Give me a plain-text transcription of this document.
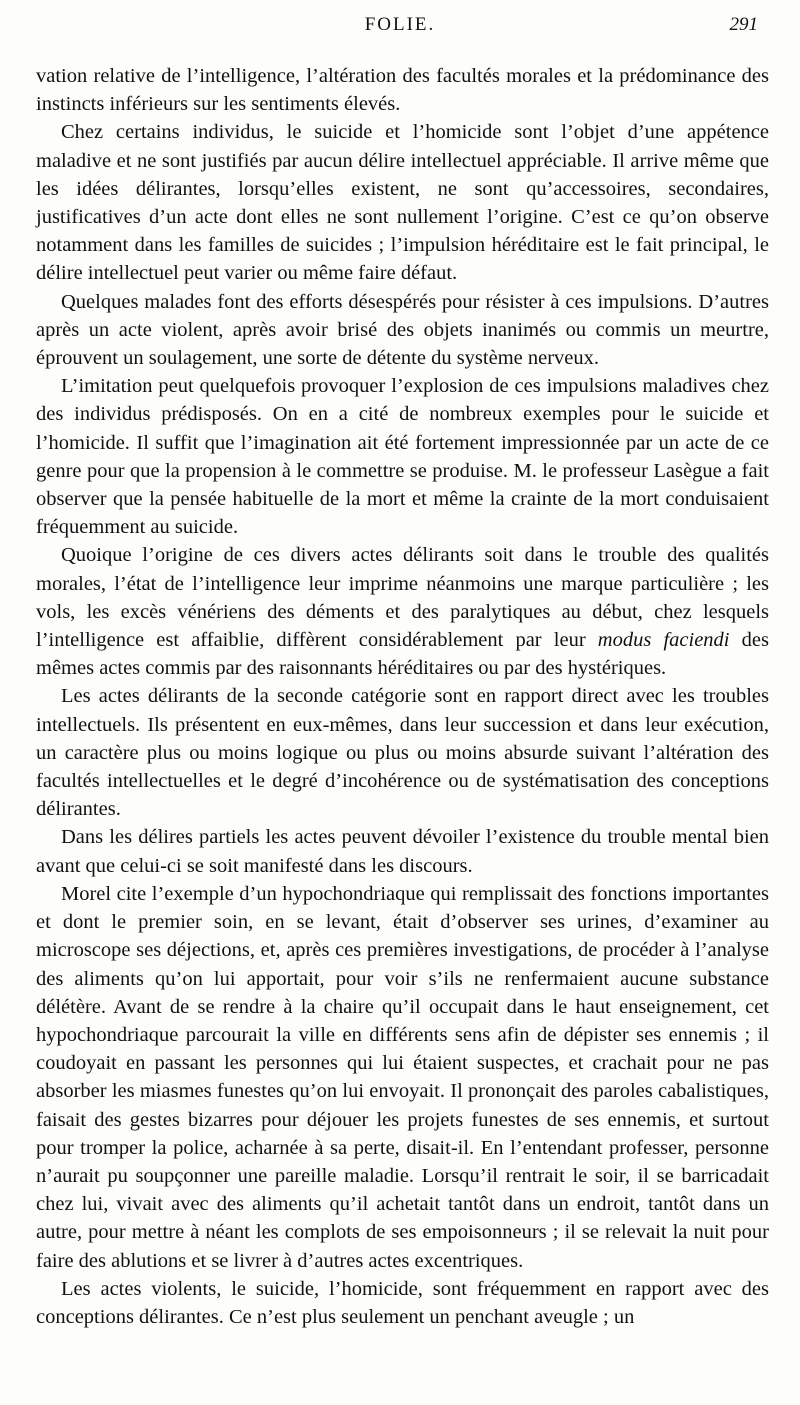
FOLIE.	291

vation relative de l’intelligence, l’altération des facultés morales et la prédominance des instincts inférieurs sur les sentiments élevés.

Chez certains individus, le suicide et l’homicide sont l’objet d’une appétence maladive et ne sont justifiés par aucun délire intellectuel appréciable. Il arrive même que les idées délirantes, lorsqu’elles existent, ne sont qu’accessoires, secondaires, justificatives d’un acte dont elles ne sont nullement l’origine. C’est ce qu’on observe notamment dans les familles de suicides ; l’impulsion héréditaire est le fait principal, le délire intellectuel peut varier ou même faire défaut.

Quelques malades font des efforts désespérés pour résister à ces impulsions. D’autres après un acte violent, après avoir brisé des objets inanimés ou commis un meurtre, éprouvent un soulagement, une sorte de détente du système nerveux.

L’imitation peut quelquefois provoquer l’explosion de ces impulsions maladives chez des individus prédisposés. On en a cité de nombreux exemples pour le suicide et l’homicide. Il suffit que l’imagination ait été fortement impressionnée par un acte de ce genre pour que la propension à le commettre se produise. M. le professeur Lasègue a fait observer que la pensée habituelle de la mort et même la crainte de la mort conduisaient fréquemment au suicide.

Quoique l’origine de ces divers actes délirants soit dans le trouble des qualités morales, l’état de l’intelligence leur imprime néanmoins une marque particulière ; les vols, les excès vénériens des déments et des paralytiques au début, chez lesquels l’intelligence est affaiblie, diffèrent considérablement par leur modus faciendi des mêmes actes commis par des raisonnants héréditaires ou par des hystériques.

Les actes délirants de la seconde catégorie sont en rapport direct avec les troubles intellectuels. Ils présentent en eux-mêmes, dans leur succession et dans leur exécution, un caractère plus ou moins logique ou plus ou moins absurde suivant l’altération des facultés intellectuelles et le degré d’incohérence ou de systématisation des conceptions délirantes.

Dans les délires partiels les actes peuvent dévoiler l’existence du trouble mental bien avant que celui-ci se soit manifesté dans les discours.

Morel cite l’exemple d’un hypochondriaque qui remplissait des fonctions importantes et dont le premier soin, en se levant, était d’observer ses urines, d’examiner au microscope ses déjections, et, après ces premières investigations, de procéder à l’analyse des aliments qu’on lui apportait, pour voir s’ils ne renfermaient aucune substance délétère. Avant de se rendre à la chaire qu’il occupait dans le haut enseignement, cet hypochondriaque parcourait la ville en différents sens afin de dépister ses ennemis ; il coudoyait en passant les personnes qui lui étaient suspectes, et crachait pour ne pas absorber les miasmes funestes qu’on lui envoyait. Il prononçait des paroles cabalistiques, faisait des gestes bizarres pour déjouer les projets funestes de ses ennemis, et surtout pour tromper la police, acharnée à sa perte, disait-il. En l’entendant professer, personne n’aurait pu soupçonner une pareille maladie. Lorsqu’il rentrait le soir, il se barricadait chez lui, vivait avec des aliments qu’il achetait tantôt dans un endroit, tantôt dans un autre, pour mettre à néant les complots de ses empoisonneurs ; il se relevait la nuit pour faire des ablutions et se livrer à d’autres actes excentriques.

Les actes violents, le suicide, l’homicide, sont fréquemment en rapport avec des conceptions délirantes. Ce n’est plus seulement un penchant aveugle ; un
